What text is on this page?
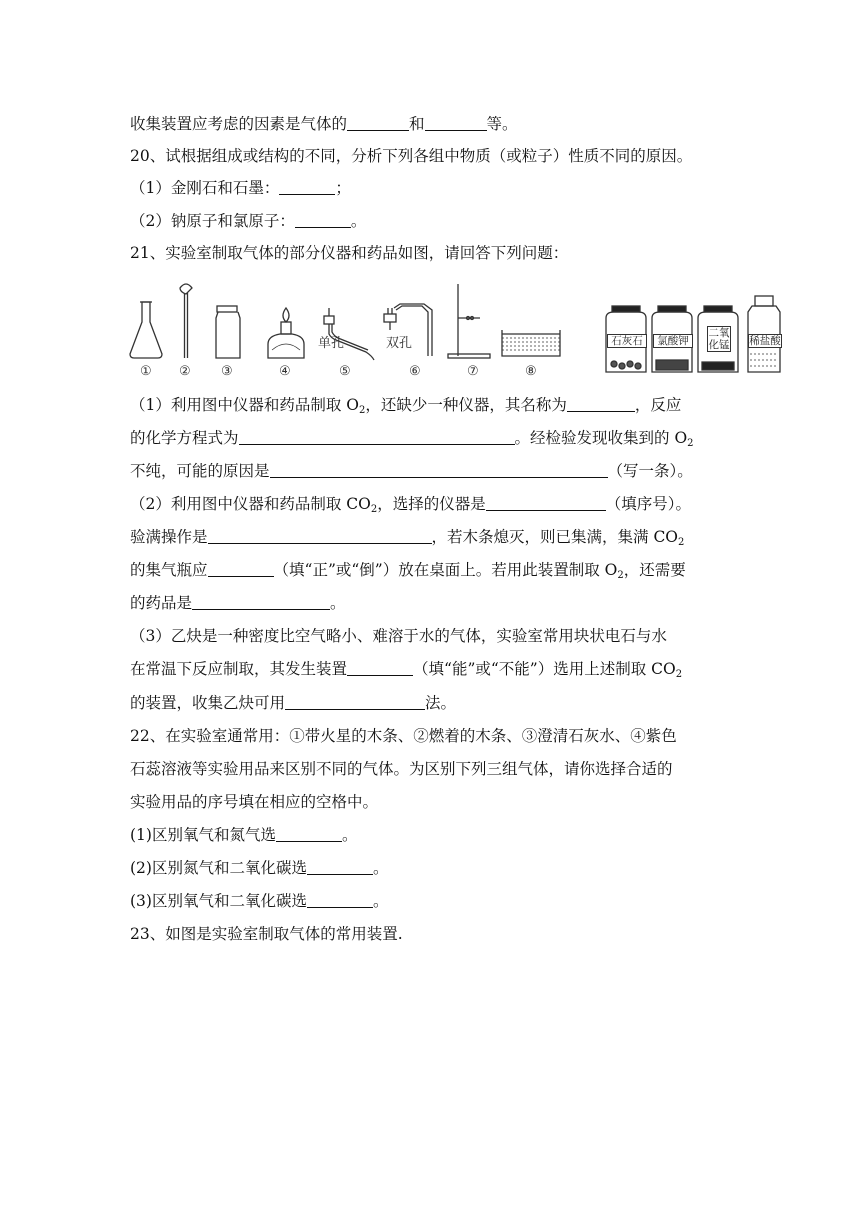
收集装置应考虑的因素是气体的	和	等。
20、试根据组成或结构的不同，分析下列各组中物质（或粒子）性质不同的原因。
（1）金刚石和石墨：	；
（2）钠原子和氯原子：	。
21、实验室制取气体的部分仪器和药品如图，请回答下列问题：
单孔	双孔
① ② ③	④	⑤	⑥	⑦	⑧
石灰石	氯酸钾
二氧化锰 稀盐酸
（1）利用图中仪器和药品制取 $O_2$，还缺少一种仪器，其名称为	，反应
的化学方程式为	。经检验发现收集到的 $O_2$
不纯，可能的原因是	（写一条）。
（2）利用图中仪器和药品制取 $CO_2$，选择的仪器是	（填序号）。
验满操作是	，若木条熄灭，则已集满，集满 $CO_2$
的集气瓶应	（填“正”或“倒”）放在桌面上。若用此装置制取 $O_2$，还需要
的药品是	。
（3）乙炔是一种密度比空气略小、难溶于水的气体，实验室常用块状电石与水
在常温下反应制取，其发生装置	（填“能”或“不能”）选用上述制取 $CO_2$
的装置，收集乙炔可用	法。
22、在实验室通常用：①带火星的木条、②燃着的木条、③澄清石灰水、④紫色
石蕊溶液等实验用品来区别不同的气体。为区别下列三组气体，请你选择合适的
实验用品的序号填在相应的空格中。
(1)区别氧气和氮气选	。
(2)区别氮气和二氧化碳选	。
(3)区别氧气和二氧化碳选	。
23、如图是实验室制取气体的常用装置.
